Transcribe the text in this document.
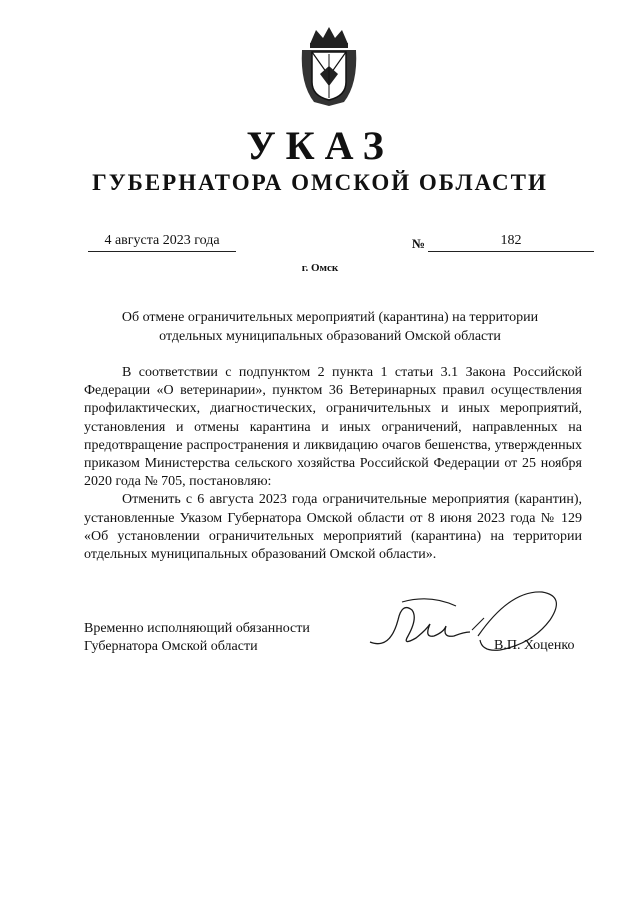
УКАЗ
ГУБЕРНАТОРА ОМСКОЙ ОБЛАСТИ
4 августа 2023 года	№	182
г. Омск
Об отмене ограничительных мероприятий (карантина) на территории
отдельных муниципальных образований Омской области

В соответствии с подпунктом 2 пункта 1 статьи 3.1 Закона Российской Федерации «О ветеринарии», пунктом 36 Ветеринарных правил осуществления профилактических, диагностических, ограничительных и иных мероприятий, установления и отмены карантина и иных ограничений, направленных на предотвращение распространения и ликвидацию очагов бешенства, утвержденных приказом Министерства сельского хозяйства Российской Федерации от 25 ноября 2020 года № 705, постановляю:

Отменить с 6 августа 2023 года ограничительные мероприятия (карантин), установленные Указом Губернатора Омской области от 8 июня 2023 года № 129 «Об установлении ограничительных мероприятий (карантина) на территории отдельных муниципальных образований Омской области».

Временно исполняющий обязанности
Губернатора Омской области	В.П. Хоценко
